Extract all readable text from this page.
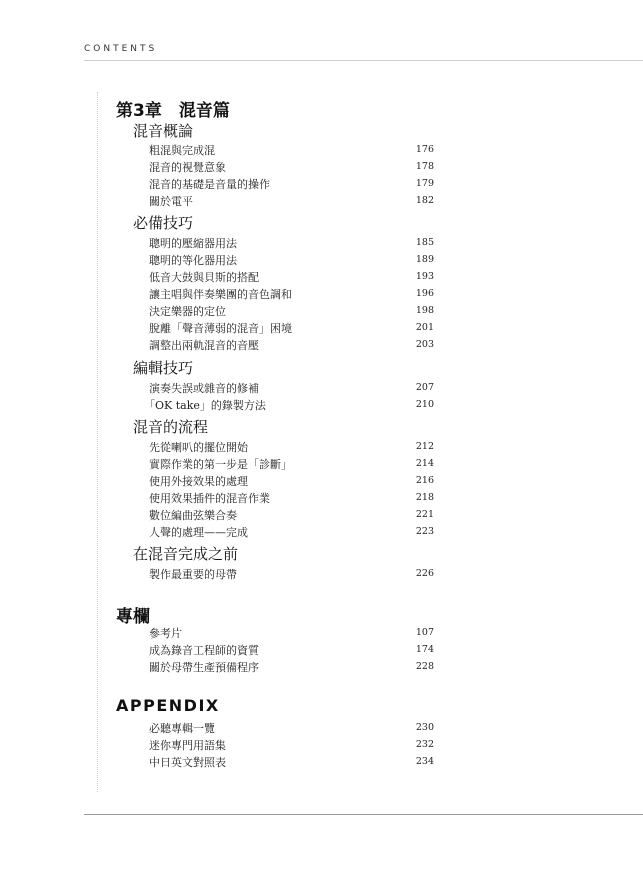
CONTENTS
第3章　混音篇
混音概論
粗混與完成混	176
混音的視覺意象	178
混音的基礎是音量的操作	179
關於電平	182
必備技巧
聰明的壓縮器用法	185
聰明的等化器用法	189
低音大鼓與貝斯的搭配	193
讓主唱與伴奏樂團的音色調和	196
決定樂器的定位	198
脫離「聲音薄弱的混音」困境	201
調整出兩軌混音的音壓	203
編輯技巧
演奏失誤或雜音的修補	207
「OK take」的錄製方法	210
混音的流程
先從喇叭的擺位開始	212
實際作業的第一步是「診斷」	214
使用外接效果的處理	216
使用效果插件的混音作業	218
數位編曲弦樂合奏	221
人聲的處理——完成	223
在混音完成之前
製作最重要的母帶	226
專欄
參考片	107
成為錄音工程師的資質	174
關於母帶生產預備程序	228
APPENDIX
必聽專輯一覽	230
迷你專門用語集	232
中日英文對照表	234
